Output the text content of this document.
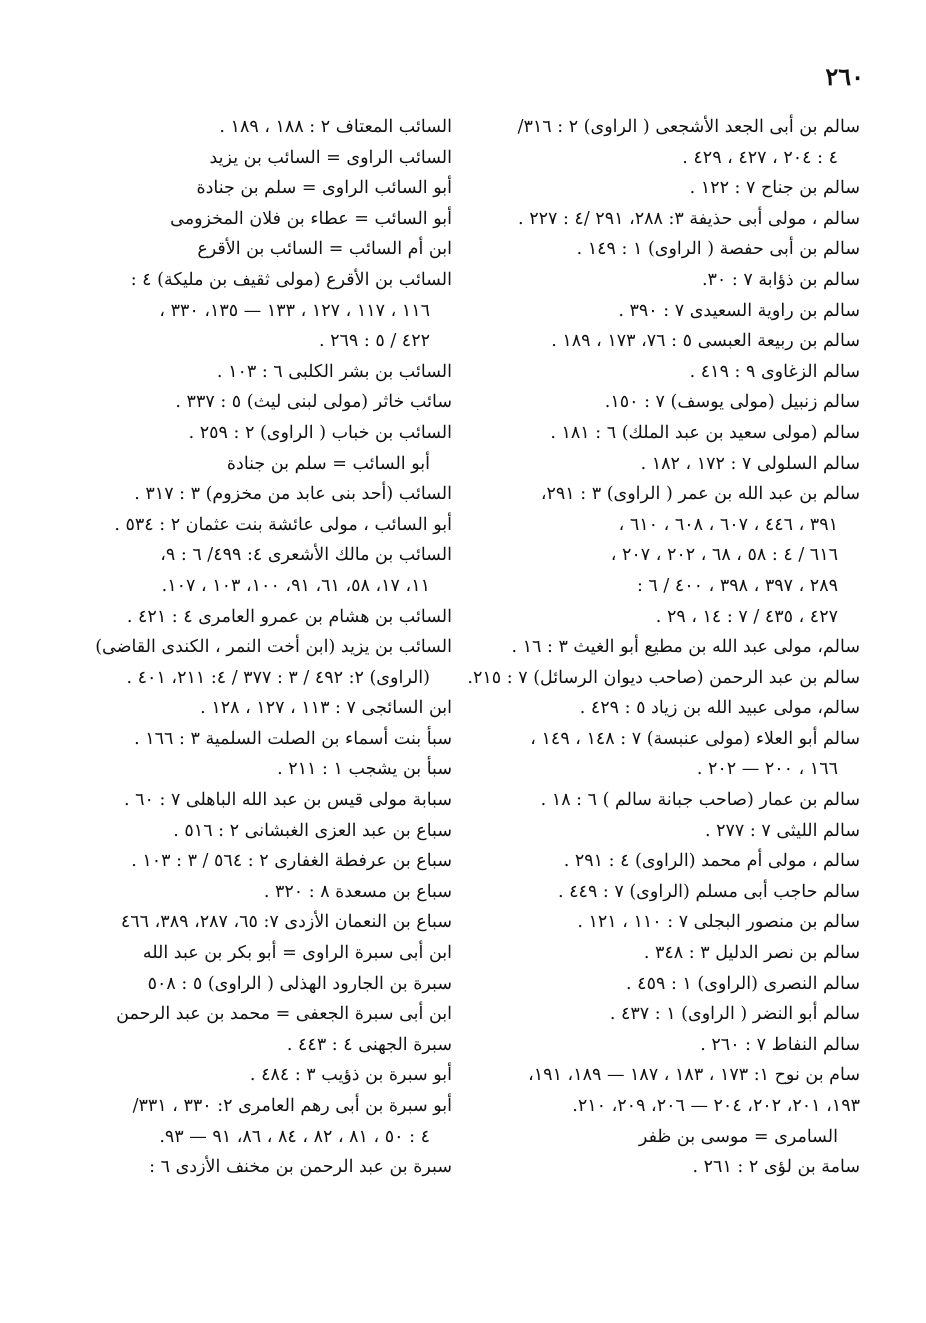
٢٦٠
سالم بن أبى الجعد الأشجعى ( الراوى) ٢ : ٣١٦/
٤ : ٢٠٤ ، ٤٢٧ ، ٤٢٩ .
سالم بن جناح ٧ : ١٢٢ .
سالم ، مولى أبى حذيفة ٣: ٢٨٨، ٢٩١ /٤ : ٢٢٧ .
سالم بن أبى حفصة ( الراوى) ١ : ١٤٩ .
سالم بن ذؤابة ٧ : ٣٠.
سالم بن راوية السعيدى ٧ : ٣٩٠ .
سالم بن ربيعة العبسى ٥ : ٧٦، ١٧٣ ، ١٨٩ .
سالم الزغاوى ٩ : ٤١٩ .
سالم زنبيل (مولى يوسف) ٧ : ١٥٠.
سالم (مولى سعيد بن عبد الملك) ٦ : ١٨١ .
سالم السلولى ٧ : ١٧٢ ، ١٨٢ .
سالم بن عبد الله بن عمر ( الراوى) ٣ : ٢٩١،
٣٩١ ، ٤٤٦ ، ٦٠٧ ، ٦٠٨ ، ٦١٠ ،
٦١٦ / ٤ : ٥٨ ، ٦٨ ، ٢٠٢ ، ٢٠٧ ،
٢٨٩ ، ٣٩٧ ، ٣٩٨ ، ٤٠٠ / ٦ :
٤٢٧ ، ٤٣٥ / ٧ : ١٤ ، ٢٩ .
سالم، مولى عبد الله بن مطيع أبو الغيث ٣ : ١٦ .
سالم بن عبد الرحمن (صاحب ديوان الرسائل) ٧ : ٢١٥.
سالم، مولى عبيد الله بن زياد ٥ : ٤٢٩ .
سالم أبو العلاء (مولى عنبسة) ٧ : ١٤٨ ، ١٤٩ ،
١٦٦ ، ٢٠٠ — ٢٠٢ .
سالم بن عمار (صاحب جبانة سالم ) ٦ : ١٨ .
سالم الليثى ٧ : ٢٧٧ .
سالم ، مولى أم محمد (الراوى) ٤ : ٢٩١ .
سالم حاجب أبى مسلم (الراوى) ٧ : ٤٤٩ .
سالم بن منصور البجلى ٧ : ١١٠ ، ١٢١ .
سالم بن نصر الدليل ٣ : ٣٤٨ .
سالم النصرى (الراوى) ١ : ٤٥٩ .
سالم أبو النضر ( الراوى) ١ : ٤٣٧ .
سالم النفاط ٧ : ٢٦٠ .
سام بن نوح ١: ١٧٣ ، ١٨٣ ، ١٨٧ — ١٨٩، ١٩١،
١٩٣، ٢٠١، ٢٠٢، ٢٠٤ — ٢٠٦، ٢٠٩، ٢١٠.
السامرى = موسى بن ظفر
سامة بن لؤى ٢ : ٢٦١ .
السائب المعتاف ٢ : ١٨٨ ، ١٨٩ .
السائب الراوى = السائب بن يزيد
أبو السائب الراوى = سلم بن جنادة
أبو السائب = عطاء بن فلان المخزومى
ابن أم السائب = السائب بن الأقرع
السائب بن الأقرع (مولى ثقيف بن مليكة) ٤ :
١١٦ ، ١١٧ ، ١٢٧ ، ١٣٣ — ١٣٥، ٣٣٠ ،
٤٢٢ / ٥ : ٢٦٩ .
السائب بن بشر الكلبى ٦ : ١٠٣ .
سائب خاثر (مولى لبنى ليث) ٥ : ٣٣٧ .
السائب بن خباب ( الراوى) ٢ : ٢٥٩ .
أبو السائب = سلم بن جنادة
السائب (أحد بنى عابد من مخزوم) ٣ : ٣١٧ .
أبو السائب ، مولى عائشة بنت عثمان ٢ : ٥٣٤ .
السائب بن مالك الأشعرى ٤: ٤٩٩/ ٦ : ٩،
١١، ١٧، ٥٨، ٦١، ٩١، ١٠٠، ١٠٣ ، ١٠٧.
السائب بن هشام بن عمرو العامرى ٤ : ٤٢١ .
السائب بن يزيد (ابن أخت النمر ، الكندى القاضى)
(الراوى) ٢: ٤٩٢ / ٣ : ٣٧٧ / ٤: ٢١١، ٤٠١ .
ابن السائجى ٧ : ١١٣ ، ١٢٧ ، ١٢٨ .
سبأ بنت أسماء بن الصلت السلمية ٣ : ١٦٦ .
سبأ بن يشجب ١ : ٢١١ .
سبابة مولى قيس بن عبد الله الباهلى ٧ : ٦٠ .
سباع بن عبد العزى الغبشانى ٢ : ٥١٦ .
سباع بن عرفطة الغفارى ٢ : ٥٦٤ / ٣ : ١٠٣ .
سباع بن مسعدة ٨ : ٣٢٠ .
سباع بن النعمان الأزدى ٧: ٦٥، ٢٨٧، ٣٨٩، ٤٦٦
ابن أبى سبرة الراوى = أبو بكر بن عبد الله
سبرة بن الجارود الهذلى ( الراوى) ٥ : ٥٠٨
ابن أبى سبرة الجعفى = محمد بن عبد الرحمن
سبرة الجهنى ٤ : ٤٤٣ .
أبو سبرة بن ذؤيب ٣ : ٤٨٤ .
أبو سبرة بن أبى رهم العامرى ٢: ٣٣٠ ، ٣٣١/
٤ : ٥٠ ، ٨١ ، ٨٢ ، ٨٤ ، ٨٦، ٩١ — ٩٣.
سبرة بن عبد الرحمن بن مخنف الأزدى ٦ :
